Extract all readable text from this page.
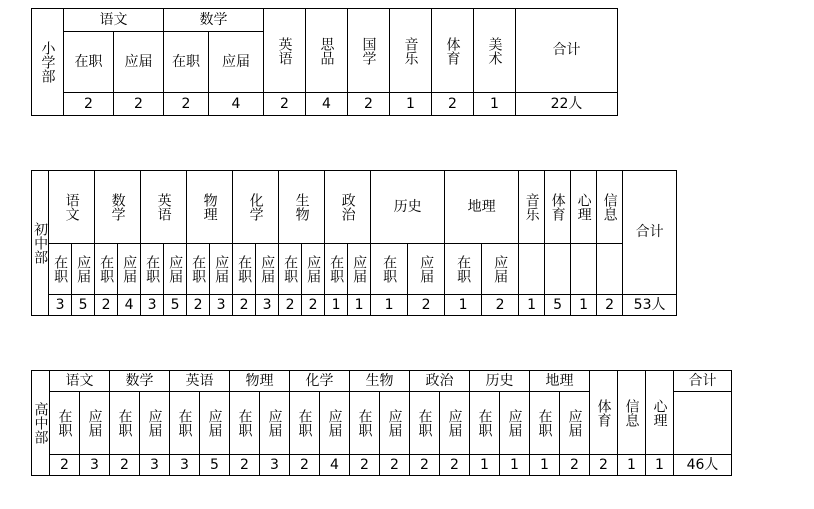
小学部	语文		数学		英语	思品	国学	音乐	体育	美术	合计
	在职	应届	在职	应届							
	2	2	2	4	2	4	2	1	2	1	22人
初中部	语文		数学		英语		物理		化学		生物		政治		历史		地理		音乐	体育	心理	信息	合计
	在职	应届	在职	应届	在职	应届	在职	应届	在职	应届	在职	应届	在职	应届	在职	应届	在职	应届					
	3	5	2	4	3	5	2	3	2	3	2	2	1	1	1	2	1	2	1	5	1	2	53人
高中部	语文		数学		英语		物理		化学		生物		政治		历史		地理		体育	信息	心理	合计
	在职	应届	在职	应届	在职	应届	在职	应届	在职	应届	在职	应届	在职	应届	在职	应届	在职	应届				
	2	3	2	3	3	5	2	3	2	4	2	2	2	2	1	1	1	2	2	1	1	46人
